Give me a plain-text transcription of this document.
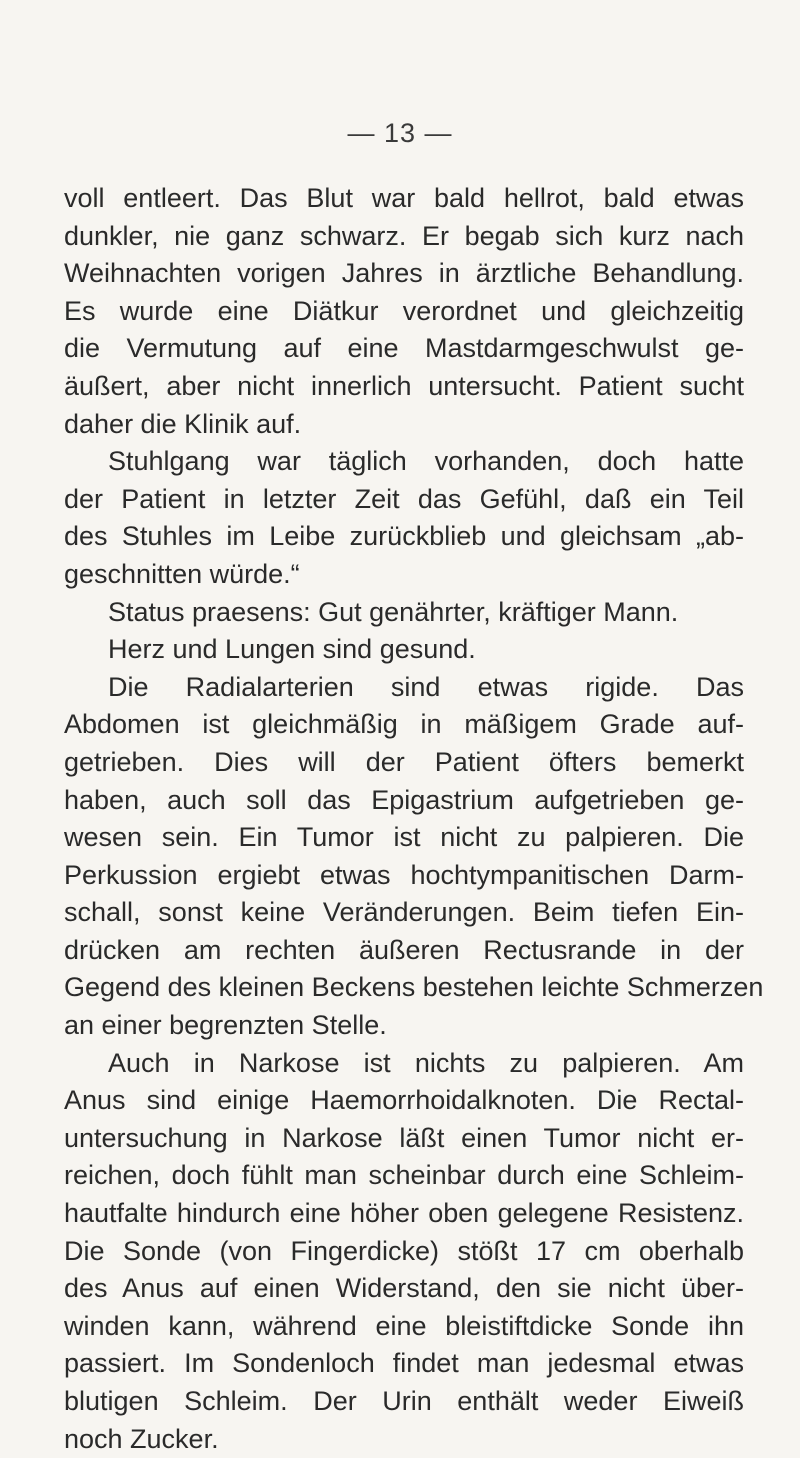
— 13 —
voll entleert. Das Blut war bald hellrot, bald etwas
dunkler, nie ganz schwarz. Er begab sich kurz nach
Weihnachten vorigen Jahres in ärztliche Behandlung.
Es wurde eine Diätkur verordnet und gleichzeitig
die Vermutung auf eine Mastdarmgeschwulst ge-
äußert, aber nicht innerlich untersucht. Patient sucht
daher die Klinik auf.
Stuhlgang war täglich vorhanden, doch hatte
der Patient in letzter Zeit das Gefühl, daß ein Teil
des Stuhles im Leibe zurückblieb und gleichsam „ab-
geschnitten würde.“
Status praesens: Gut genährter, kräftiger Mann.
Herz und Lungen sind gesund.
Die Radialarterien sind etwas rigide. Das
Abdomen ist gleichmäßig in mäßigem Grade auf-
getrieben. Dies will der Patient öfters bemerkt
haben, auch soll das Epigastrium aufgetrieben ge-
wesen sein. Ein Tumor ist nicht zu palpieren. Die
Perkussion ergiebt etwas hochtympanitischen Darm-
schall, sonst keine Veränderungen. Beim tiefen Ein-
drücken am rechten äußeren Rectusrande in der
Gegend des kleinen Beckens bestehen leichte Schmerzen
an einer begrenzten Stelle.
Auch in Narkose ist nichts zu palpieren. Am
Anus sind einige Haemorrhoidalknoten. Die Rectal-
untersuchung in Narkose läßt einen Tumor nicht er-
reichen, doch fühlt man scheinbar durch eine Schleim-
hautfalte hindurch eine höher oben gelegene Resistenz.
Die Sonde (von Fingerdicke) stößt 17 cm oberhalb
des Anus auf einen Widerstand, den sie nicht über-
winden kann, während eine bleistiftdicke Sonde ihn
passiert. Im Sondenloch findet man jedesmal etwas
blutigen Schleim. Der Urin enthält weder Eiweiß
noch Zucker.
